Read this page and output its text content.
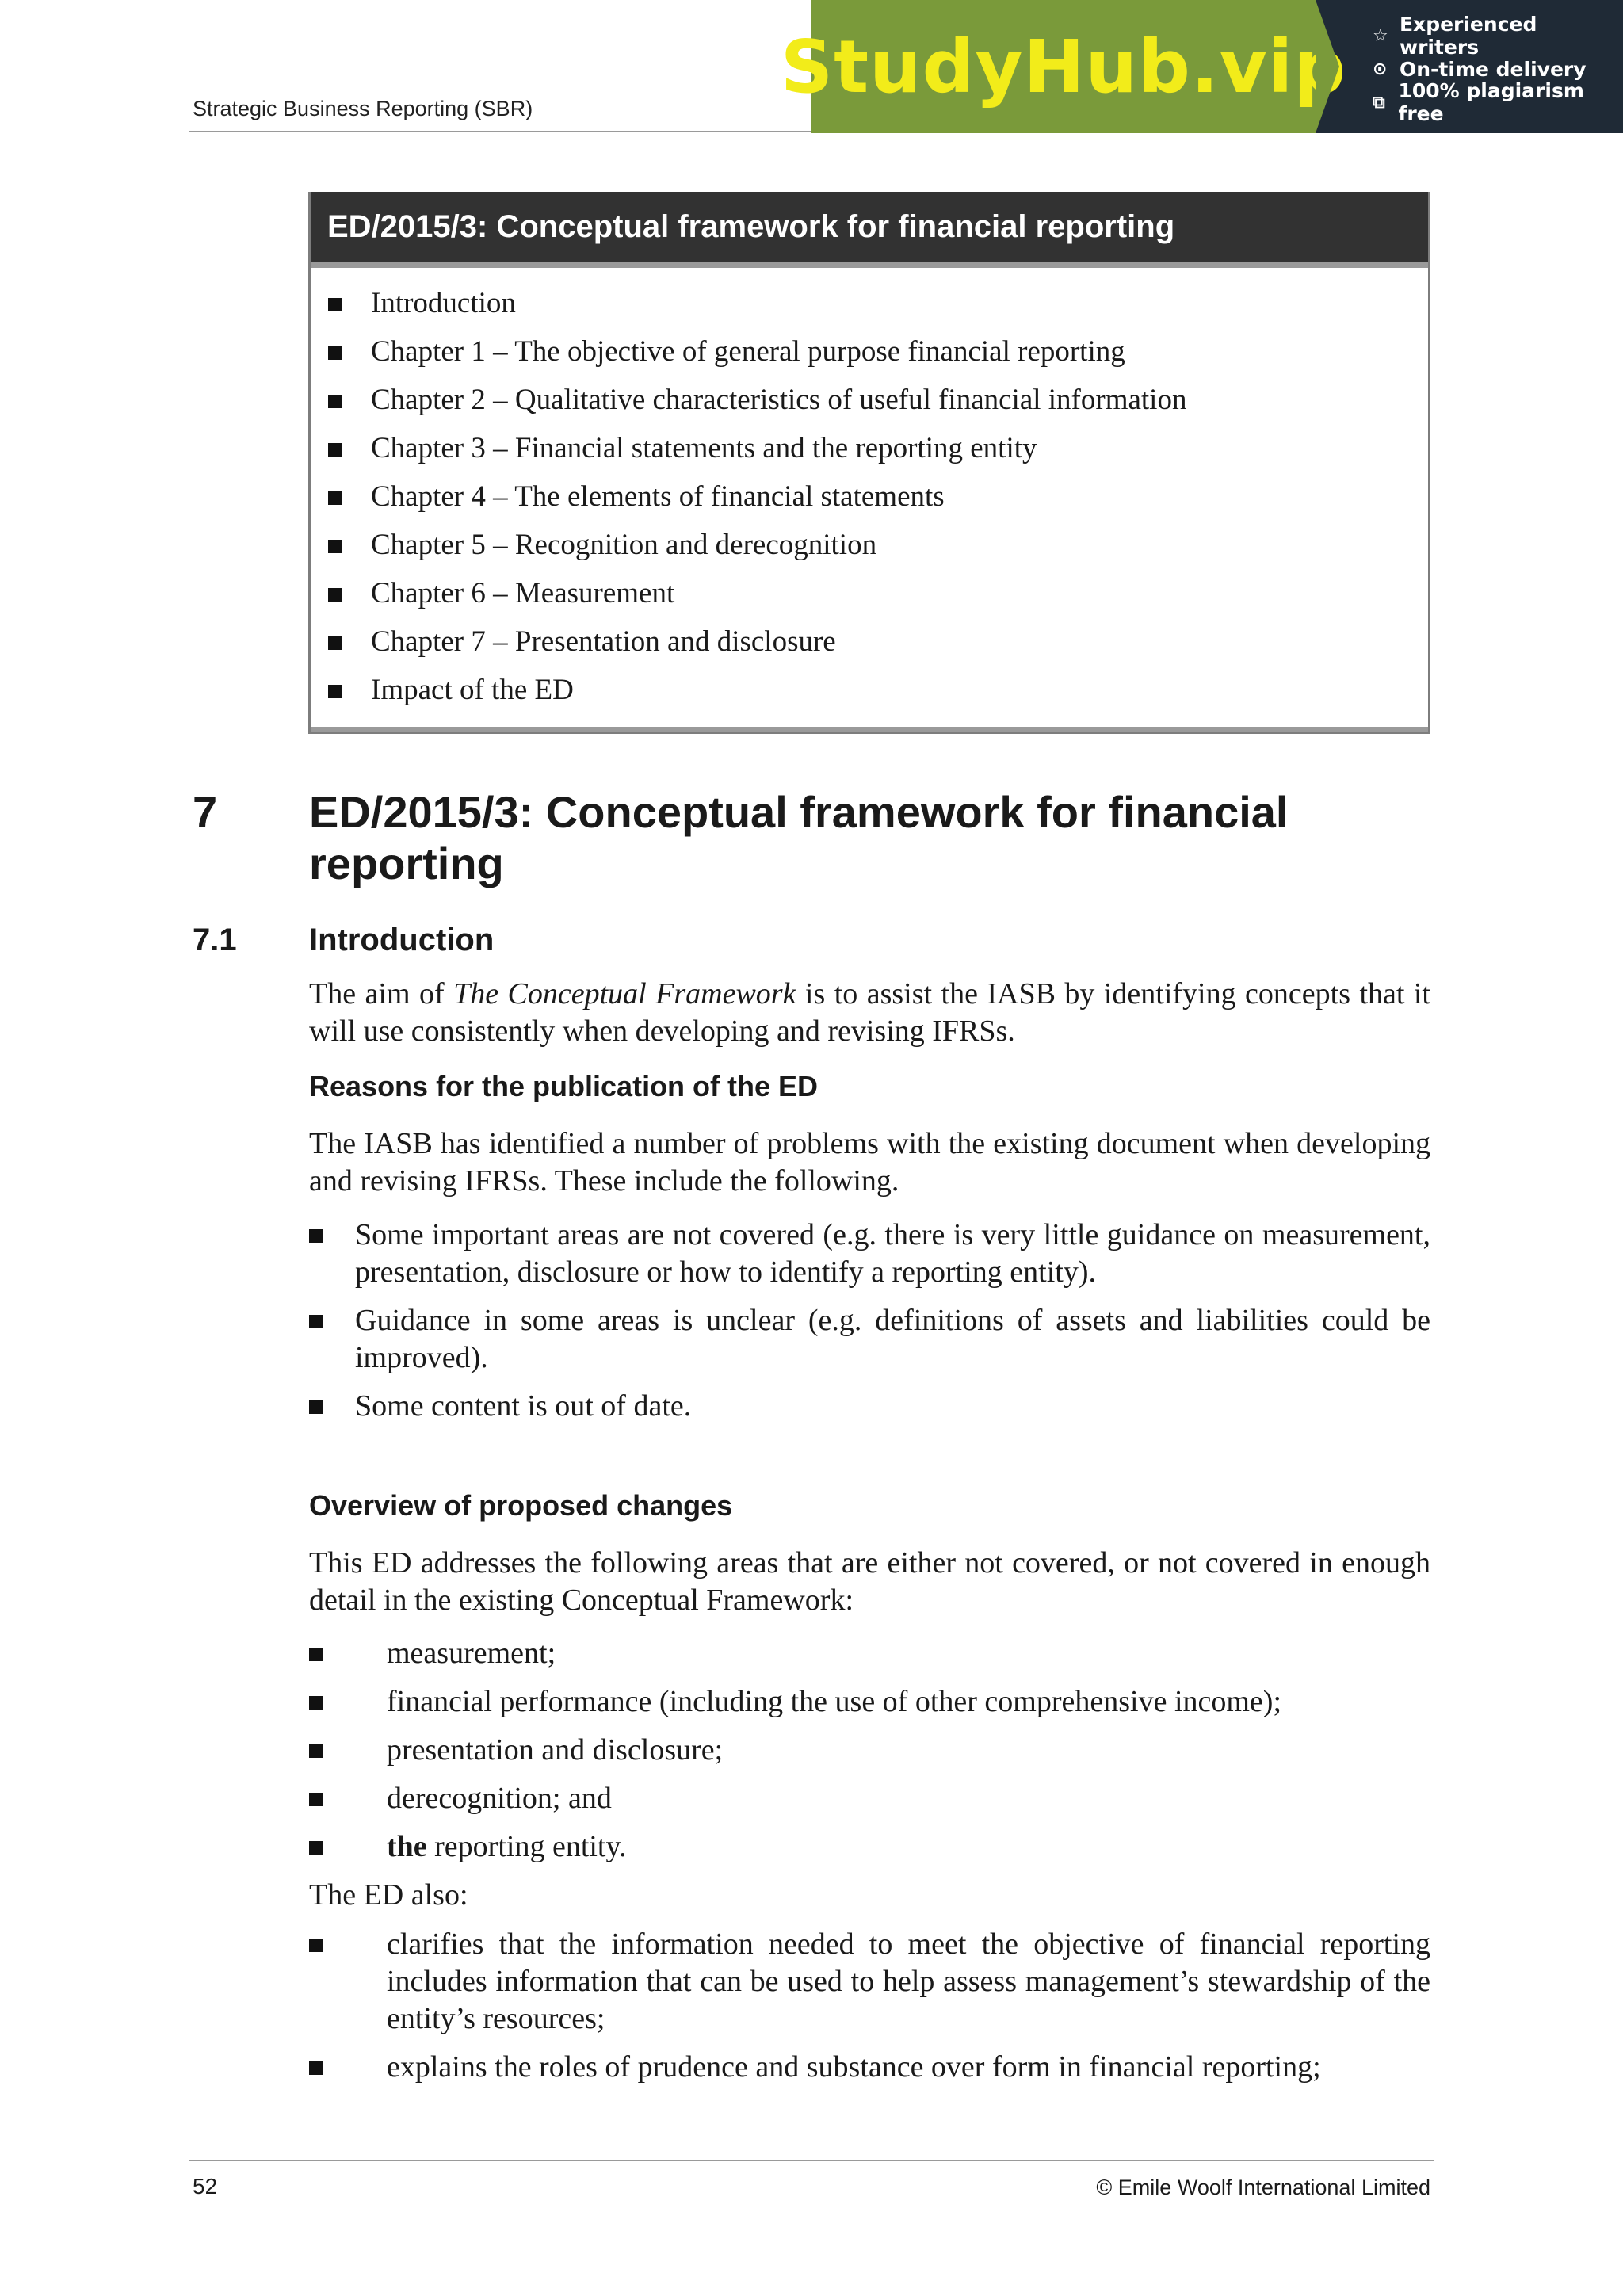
Strategic Business Reporting (SBR)	StudyHub.vip ☆ Experienced writers
⊙ On-time delivery
⧉ 100% plagiarism free
ED/2015/3: Conceptual framework for financial reporting
Introduction
Chapter 1 – The objective of general purpose financial reporting
Chapter 2 – Qualitative characteristics of useful financial information
Chapter 3 – Financial statements and the reporting entity
Chapter 4 – The elements of financial statements
Chapter 5 – Recognition and derecognition
Chapter 6 – Measurement
Chapter 7 – Presentation and disclosure
Impact of the ED
7 ED/2015/3: Conceptual framework for financial reporting
7.1 Introduction

The aim of The Conceptual Framework is to assist the IASB by identifying concepts that it will use consistently when developing and revising IFRSs.

Reasons for the publication of the ED

The IASB has identified a number of problems with the existing document when developing and revising IFRSs. These include the following.

Some important areas are not covered (e.g. there is very little guidance on measurement, presentation, disclosure or how to identify a reporting entity).
Guidance in some areas is unclear (e.g. definitions of assets and liabilities could be improved).
Some content is out of date.
Overview of proposed changes

This ED addresses the following areas that are either not covered, or not covered in enough detail in the existing Conceptual Framework:

measurement;
financial performance (including the use of other comprehensive income);
presentation and disclosure;
derecognition; and
the reporting entity.

The ED also:

clarifies that the information needed to meet the objective of financial reporting includes information that can be used to help assess management’s stewardship of the entity’s resources;
explains the roles of prudence and substance over form in financial reporting;
52	© Emile Woolf International Limited
